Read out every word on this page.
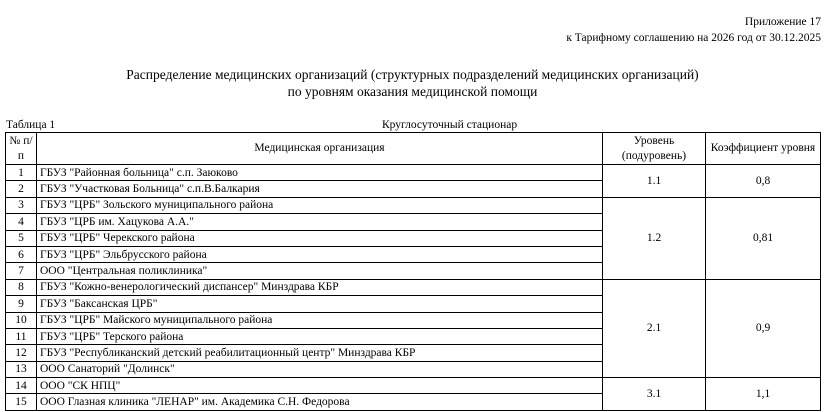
Приложение 17
к Тарифному соглашению на 2026 год от 30.12.2025
Распределение медицинских организаций (структурных подразделений медицинских организаций)
по уровням оказания медицинской помощи
Таблица 1	Круглосуточный стационар
№ п/п	Медицинская организация	Уровень (подуровень)	Коэффициент уровня
1	ГБУЗ "Районная больница" с.п. Заюково	1.1	0,8
2	ГБУЗ "Участковая Больница" с.п.В.Балкария		
3	ГБУЗ "ЦРБ" Зольского муниципального района	1.2	0,81
4	ГБУЗ "ЦРБ им. Хацукова А.А."		
5	ГБУЗ "ЦРБ" Черекского района		
6	ГБУЗ "ЦРБ" Эльбрусского района		
7	ООО "Центральная поликлиника"		
8	ГБУЗ "Кожно-венерологический диспансер" Минздрава КБР	2.1	0,9
9	ГБУЗ "Баксанская ЦРБ"		
10	ГБУЗ "ЦРБ" Майского муниципального района		
11	ГБУЗ "ЦРБ" Терского района		
12	ГБУЗ "Республиканский детский реабилитационный центр" Минздрава КБР		
13	ООО Санаторий "Долинск"		
14	ООО "СК НПЦ"	3.1	1,1
15	ООО Глазная клиника "ЛЕНАР" им. Академика С.Н. Федорова		
